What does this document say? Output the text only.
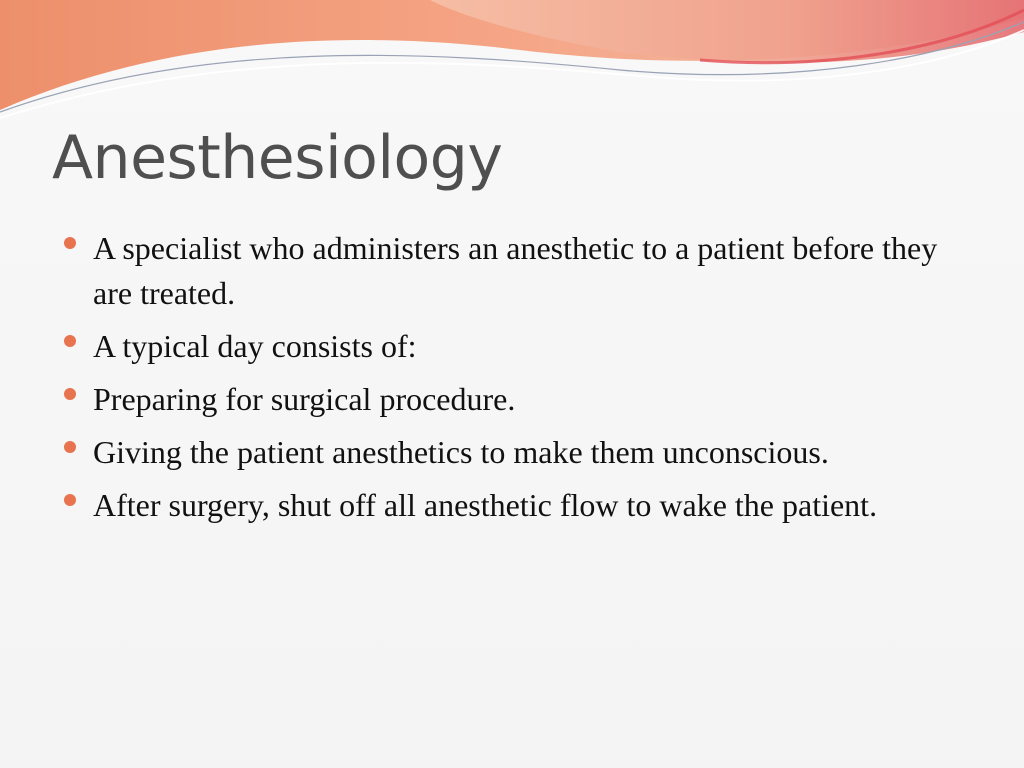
Anesthesiology
A specialist who administers an anesthetic to a patient before they are treated.
A typical day consists of:
Preparing for surgical procedure.
Giving the patient anesthetics to make them unconscious.
After surgery, shut off all anesthetic flow to wake the patient.
